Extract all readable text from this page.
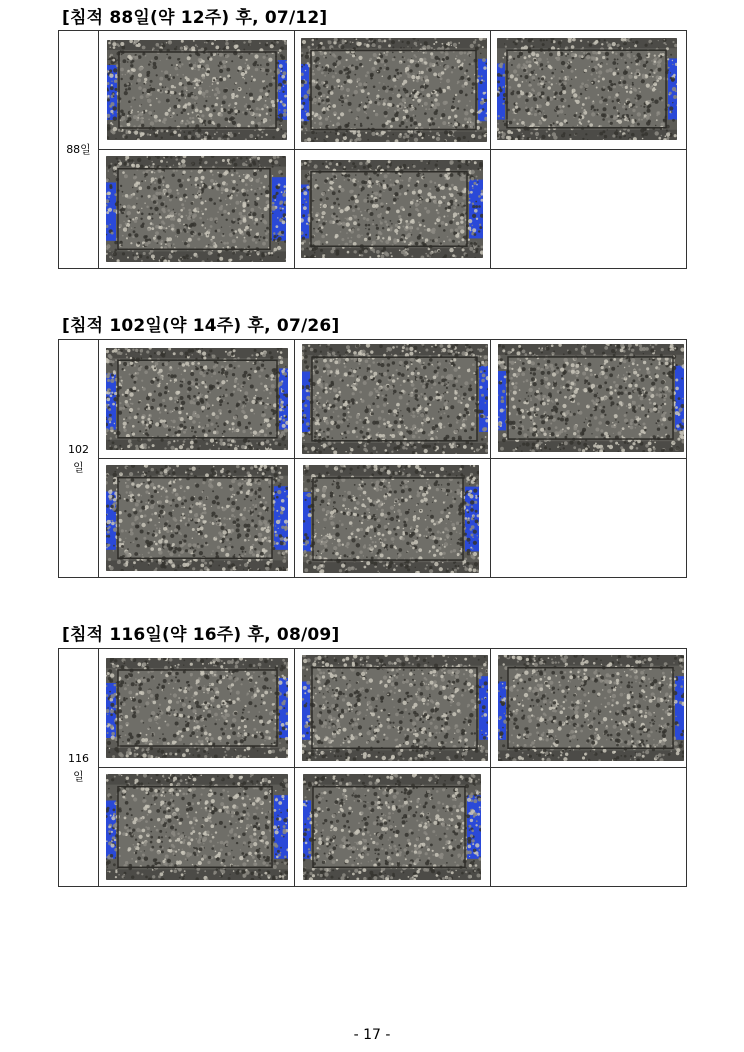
[침적 88일(약 12주) 후, 07/12]
88일	

[침적 102일(약 14주) 후, 07/26]
102
일	

[침적 116일(약 16주) 후, 08/09]
116
일	

- 17 -
